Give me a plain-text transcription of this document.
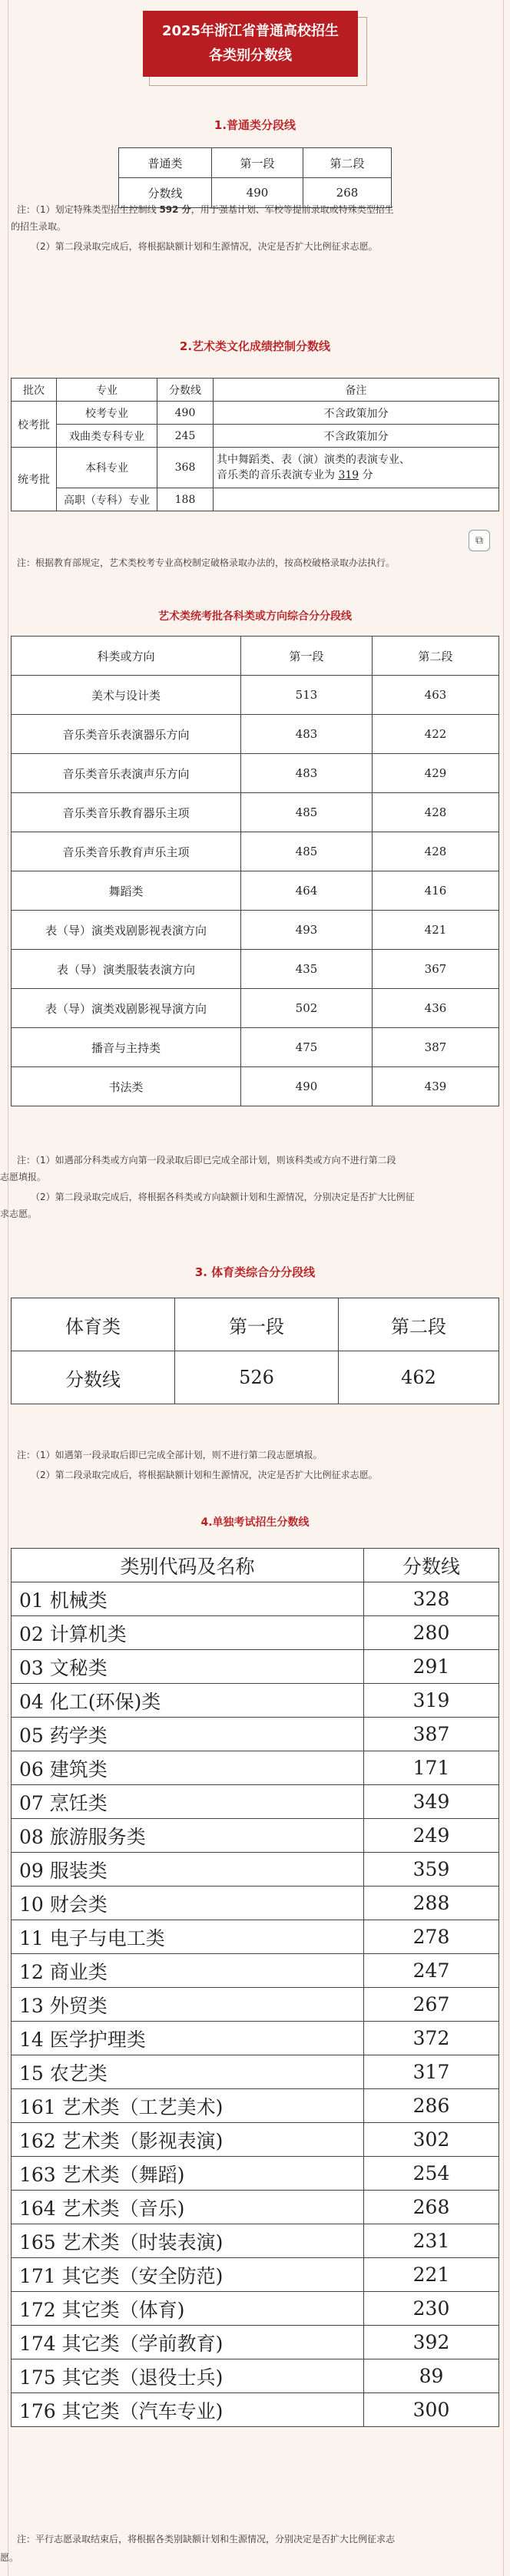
2025年浙江省普通高校招生
各类别分数线
1.普通类分段线
普通类	第一段	第二段
分数线	490	268
注：（1）划定特殊类型招生控制线 592 分，用于强基计划、军校等提前录取或特殊类型招生
的招生录取。
（2）第二段录取完成后，将根据缺额计划和生源情况，决定是否扩大比例征求志愿。
2.艺术类文化成绩控制分数线
批次	专业	分数线	备注
校考批	校考专业	490	不含政策加分
	戏曲类专科专业	245	不含政策加分
统考批	本科专业	368	其中舞蹈类、表（演）演类的表演专业、
音乐类的音乐表演专业为 319 分

	高职（专科）专业	188	
⧉
注：根据教育部规定，艺术类校考专业高校制定破格录取办法的，按高校破格录取办法执行。
艺术类统考批各科类或方向综合分分段线
科类或方向	第一段	第二段
美术与设计类	513	463
音乐类音乐表演器乐方向	483	422
音乐类音乐表演声乐方向	483	429
音乐类音乐教育器乐主项	485	428
音乐类音乐教育声乐主项	485	428
舞蹈类	464	416
表（导）演类戏剧影视表演方向	493	421
表（导）演类服装表演方向	435	367
表（导）演类戏剧影视导演方向	502	436
播音与主持类	475	387
书法类	490	439
注：（1）如遇部分科类或方向第一段录取后即已完成全部计划，则该科类或方向不进行第二段
志愿填报。
（2）第二段录取完成后，将根据各科类或方向缺额计划和生源情况，分别决定是否扩大比例征
求志愿。
3. 体育类综合分分段线
体育类	第一段	第二段
分数线	526	462
注：（1）如遇第一段录取后即已完成全部计划，则不进行第二段志愿填报。
（2）第二段录取完成后，将根据缺额计划和生源情况，决定是否扩大比例征求志愿。
4.单独考试招生分数线
类别代码及名称	分数线
01 机械类	328
02 计算机类	280
03 文秘类	291
04 化工(环保)类	319
05 药学类	387
06 建筑类	171
07 烹饪类	349
08 旅游服务类	249
09 服装类	359
10 财会类	288
11 电子与电工类	278
12 商业类	247
13 外贸类	267
14 医学护理类	372
15 农艺类	317
161 艺术类（工艺美术)	286
162 艺术类（影视表演)	302
163 艺术类（舞蹈)	254
164 艺术类（音乐)	268
165 艺术类（时装表演)	231
171 其它类（安全防范)	221
172 其它类（体育)	230
174 其它类（学前教育)	392
175 其它类（退役士兵)	89
176 其它类（汽车专业)	300
注：平行志愿录取结束后，将根据各类别缺额计划和生源情况，分别决定是否扩大比例征求志
愿。
